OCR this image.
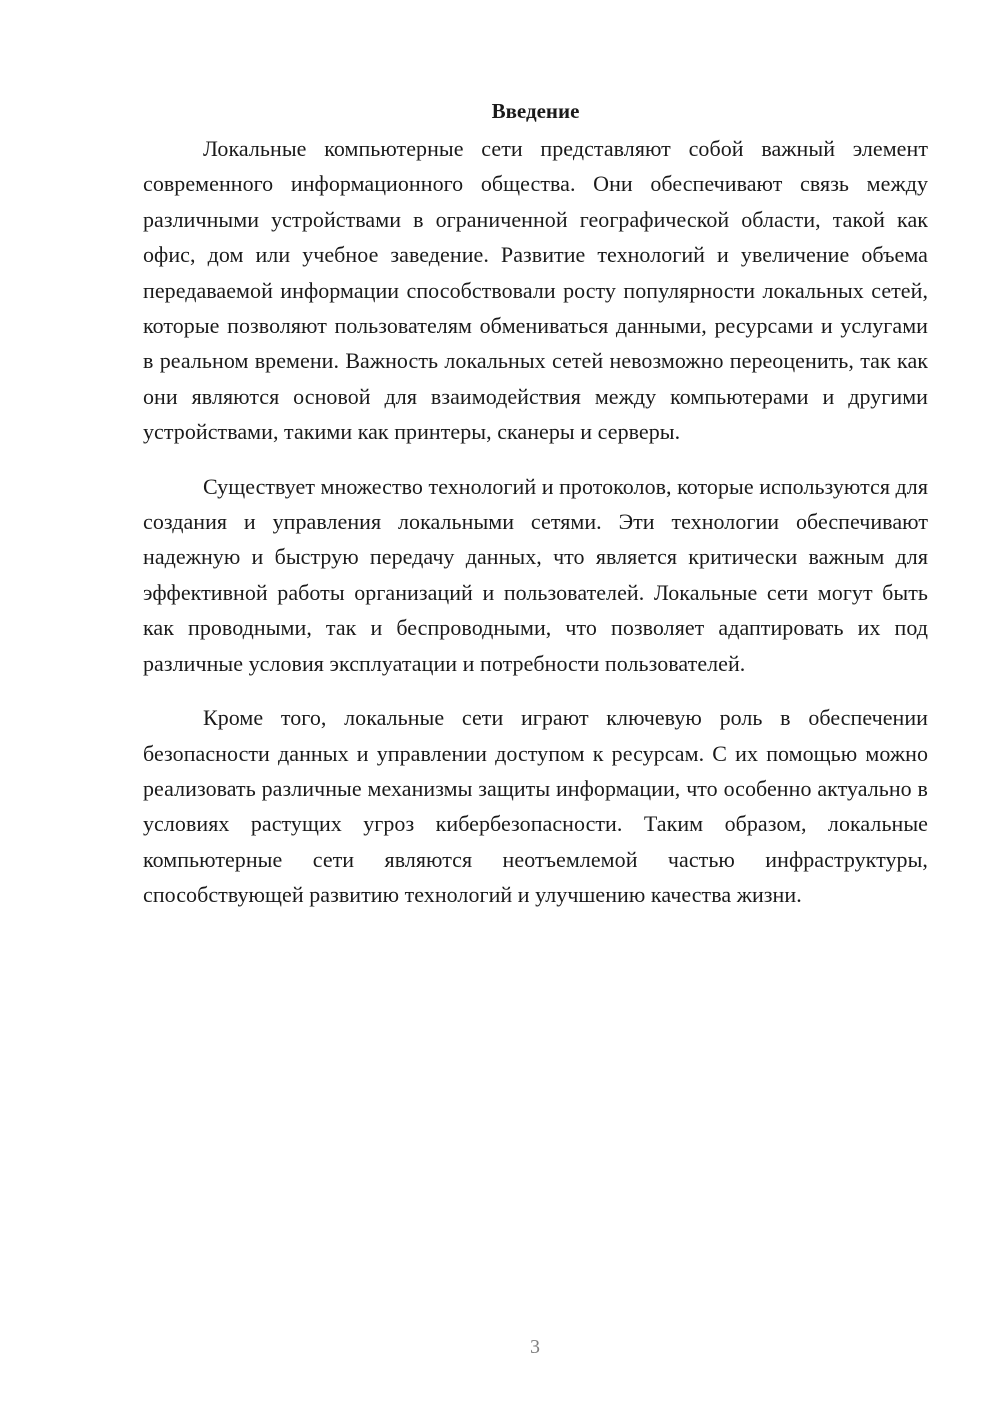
Введение

Локальные компьютерные сети представляют собой важный элемент современного информационного общества. Они обеспечивают связь между различными устройствами в ограниченной географической области, такой как офис, дом или учебное заведение. Развитие технологий и увеличение объема передаваемой информации способствовали росту популярности локальных сетей, которые позволяют пользователям обмениваться данными, ресурсами и услугами в реальном времени. Важность локальных сетей невозможно переоценить, так как они являются основой для взаимодействия между компьютерами и другими устройствами, такими как принтеры, сканеры и серверы.

Существует множество технологий и протоколов, которые используются для создания и управления локальными сетями. Эти технологии обеспечивают надежную и быструю передачу данных, что является критически важным для эффективной работы организаций и пользователей. Локальные сети могут быть как проводными, так и беспроводными, что позволяет адаптировать их под различные условия эксплуатации и потребности пользователей.

Кроме того, локальные сети играют ключевую роль в обеспечении безопасности данных и управлении доступом к ресурсам. С их помощью можно реализовать различные механизмы защиты информации, что особенно актуально в условиях растущих угроз кибербезопасности. Таким образом, локальные компьютерные сети являются неотъемлемой частью инфраструктуры, способствующей развитию технологий и улучшению качества жизни.

3
